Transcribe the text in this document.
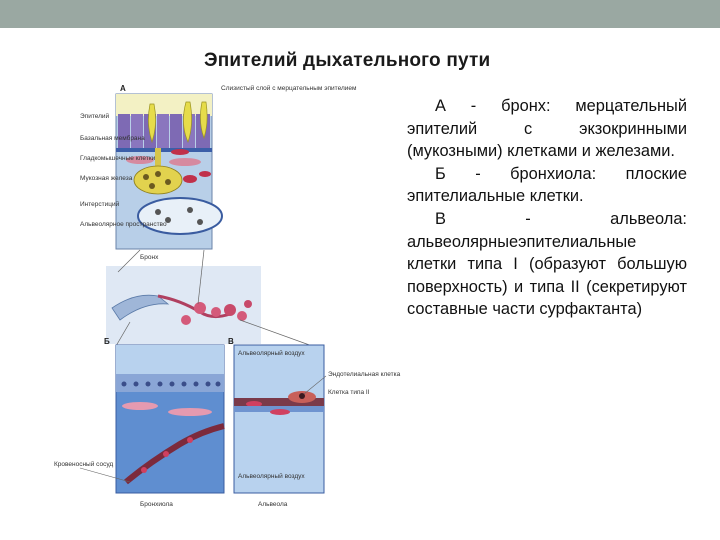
Эпителий дыхательного пути
А	Слизистый слой с мерцательным эпителием
Эпителий
Базальная мембрана
Гладкомышечные клетки
Мукозная железа
Интерстиций
Альвеолярное пространство
Бронх
Б
Кровеносный сосуд
Бронхиола
В
Альвеолярный воздух
Эндотелиальная клетка
Клетка типа II
Альвеолярный воздух
Альвеола

А - бронх: мерцательный эпителий с экзокринными (мукозными) клетками и железами.

Б - бронхиола: плоские эпителиальные клетки.

В - альвеола: альвеолярныеэпителиальные клетки типа I (образуют большую поверхность) и типа II (секретируют составные части сурфактанта)
